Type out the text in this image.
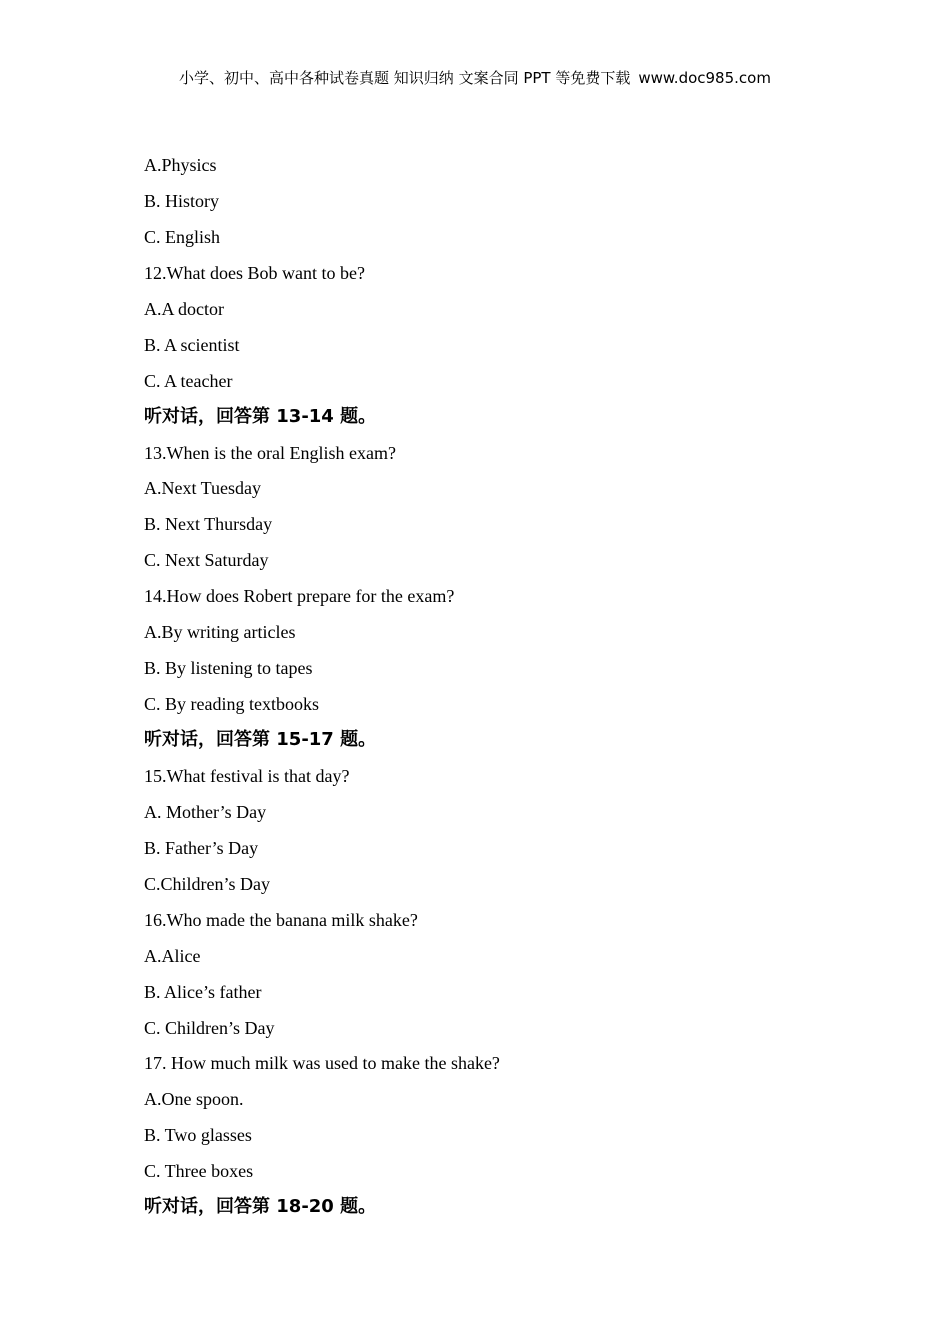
小学、初中、高中各种试卷真题 知识归纳 文案合同 PPT 等免费下载 www.doc985.com
A.Physics
B. History
C. English
12.What does Bob want to be?
A.A doctor
B. A scientist
C. A teacher
听对话，回答第 13-14 题。
13.When is the oral English exam?
A.Next Tuesday
B. Next Thursday
C. Next Saturday
14.How does Robert prepare for the exam?
A.By writing articles
B. By listening to tapes
C. By reading textbooks
听对话，回答第 15-17 题。
15.What festival is that day?
A. Mother’s Day
B. Father’s Day
C.Children’s Day
16.Who made the banana milk shake?
A.Alice
B. Alice’s father
C. Children’s Day
17. How much milk was used to make the shake?
A.One spoon.
B. Two glasses
C. Three boxes
听对话，回答第 18-20 题。
